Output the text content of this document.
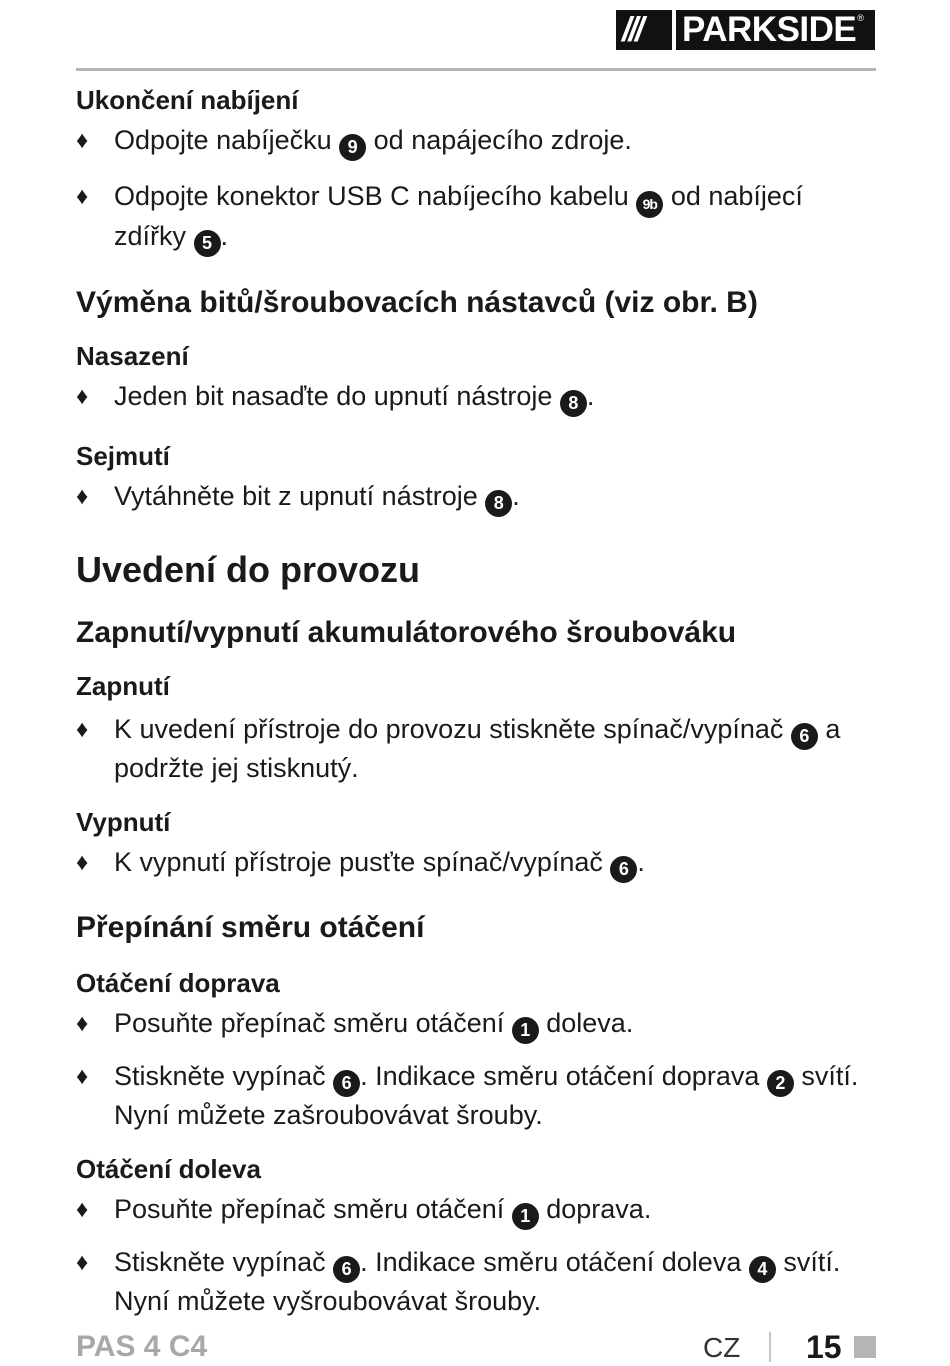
///	PARKSIDE ®
Ukončení nabíjení
♦ Odpojte nabíječku 9 od napájecího zdroje.
♦ Odpojte konektor USB C nabíjecího kabelu 9b od nabíjecí zdířky 5 .
Výměna bitů/šroubovacích nástavců (viz obr. B)
Nasazení
♦ Jeden bit nasaďte do upnutí nástroje 8 .
Sejmutí
♦ Vytáhněte bit z upnutí nástroje 8 .
Uvedení do provozu
Zapnutí/vypnutí akumulátorového šroubováku
Zapnutí
♦ K uvedení přístroje do provozu stiskněte spínač/vypínač 6 a podržte jej stisknutý.
Vypnutí
♦ K vypnutí přístroje pusťte spínač/vypínač 6 .
Přepínání směru otáčení
Otáčení doprava
♦ Posuňte přepínač směru otáčení 1 doleva.
♦ Stiskněte vypínač 6 . Indikace směru otáčení doprava 2 svítí. Nyní můžete zašroubovávat šrouby.
Otáčení doleva
♦ Posuňte přepínač směru otáčení 1 doprava.
♦ Stiskněte vypínač 6 . Indikace směru otáčení doleva 4 svítí. Nyní můžete vyšroubovávat šrouby.
PAS 4 C4	CZ 15
